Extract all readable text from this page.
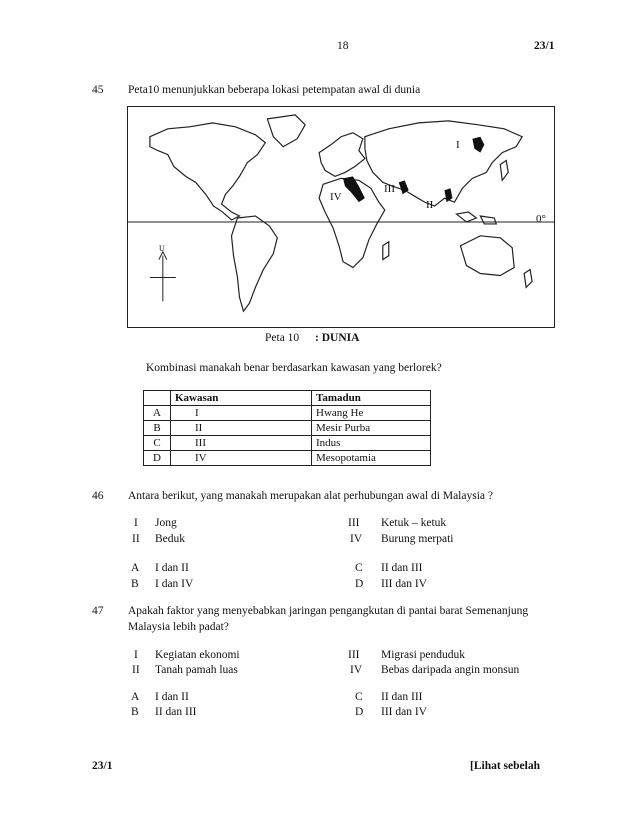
18	23/1
45 Peta10 menunjukkan beberapa lokasi petempatan awal di dunia
I
II
III
IV
0°
U
Peta 10 : DUNIA
Kombinasi manakah benar berdasarkan kawasan yang berlorek?
	Kawasan	Tamadun
A	I	Hwang He
B	II	Mesir Purba
C	III	Indus
D	IV	Mesopotamia
46 Antara berikut, yang manakah merupakan alat perhubungan awal di Malaysia ?
I Jong
II Beduk
III Ketuk – ketuk
IV Burung merpati
A I dan II
B I dan IV
C II dan III
D III dan IV
47 Apakah faktor yang menyebabkan jaringan pengangkutan di pantai barat Semenanjung
Malaysia lebih padat?
I Kegiatan ekonomi
II Tanah pamah luas
III Migrasi penduduk
IV Bebas daripada angin monsun
A I dan II
B II dan III
C II dan III
D III dan IV
23/1	[Lihat sebelah
